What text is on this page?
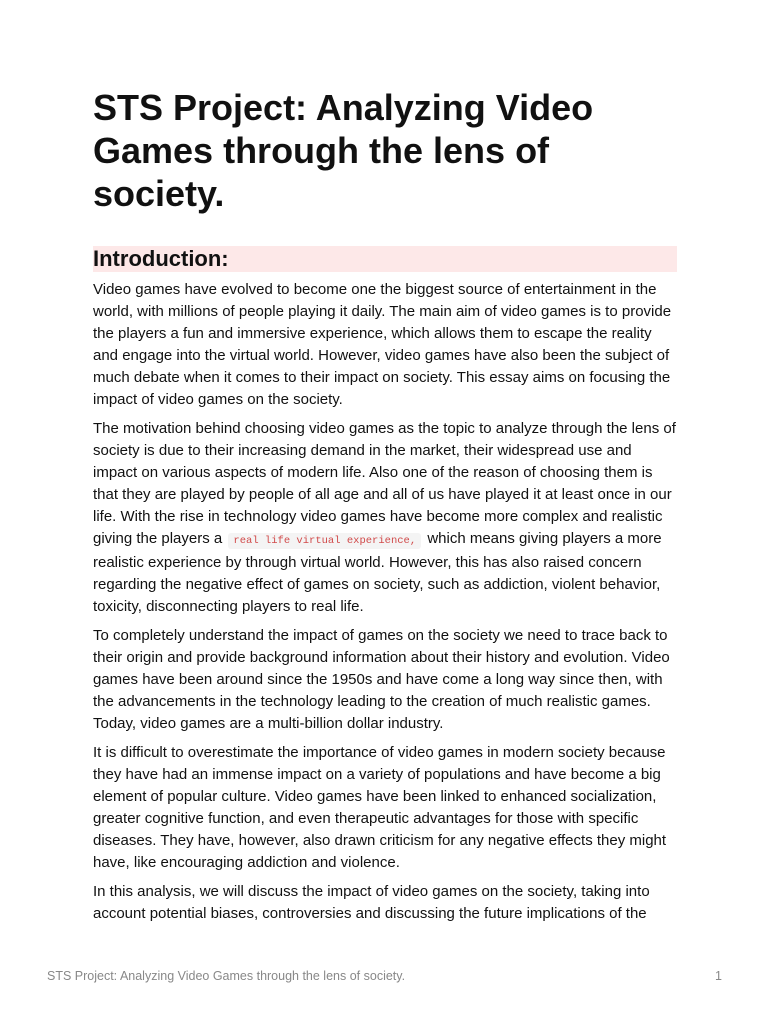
STS Project: Analyzing Video Games through the lens of society.
Introduction:

Video games have evolved to become one the biggest source of entertainment in the world, with millions of people playing it daily. The main aim of video games is to provide the players a fun and immersive experience, which allows them to escape the reality and engage into the virtual world. However, video games have also been the subject of much debate when it comes to their impact on society. This essay aims on focusing the impact of video games on the society.

The motivation behind choosing video games as the topic to analyze through the lens of society is due to their increasing demand in the market, their widespread use and impact on various aspects of modern life. Also one of the reason of choosing them is that they are played by people of all age and all of us have played it at least once in our life. With the rise in technology video games have become more complex and realistic giving the players a real life virtual experience, which means giving players a more realistic experience by through virtual world. However, this has also raised concern regarding the negative effect of games on society, such as addiction, violent behavior, toxicity, disconnecting players to real life.

To completely understand the impact of games on the society we need to trace back to their origin and provide background information about their history and evolution. Video games have been around since the 1950s and have come a long way since then, with the advancements in the technology leading to the creation of much realistic games. Today, video games are a multi-billion dollar industry.

It is difficult to overestimate the importance of video games in modern society because they have had an immense impact on a variety of populations and have become a big element of popular culture. Video games have been linked to enhanced socialization, greater cognitive function, and even therapeutic advantages for those with specific diseases. They have, however, also drawn criticism for any negative effects they might have, like encouraging addiction and violence.

In this analysis, we will discuss the impact of video games on the society, taking into account potential biases, controversies and discussing the future implications of the

STS Project: Analyzing Video Games through the lens of society.	1
